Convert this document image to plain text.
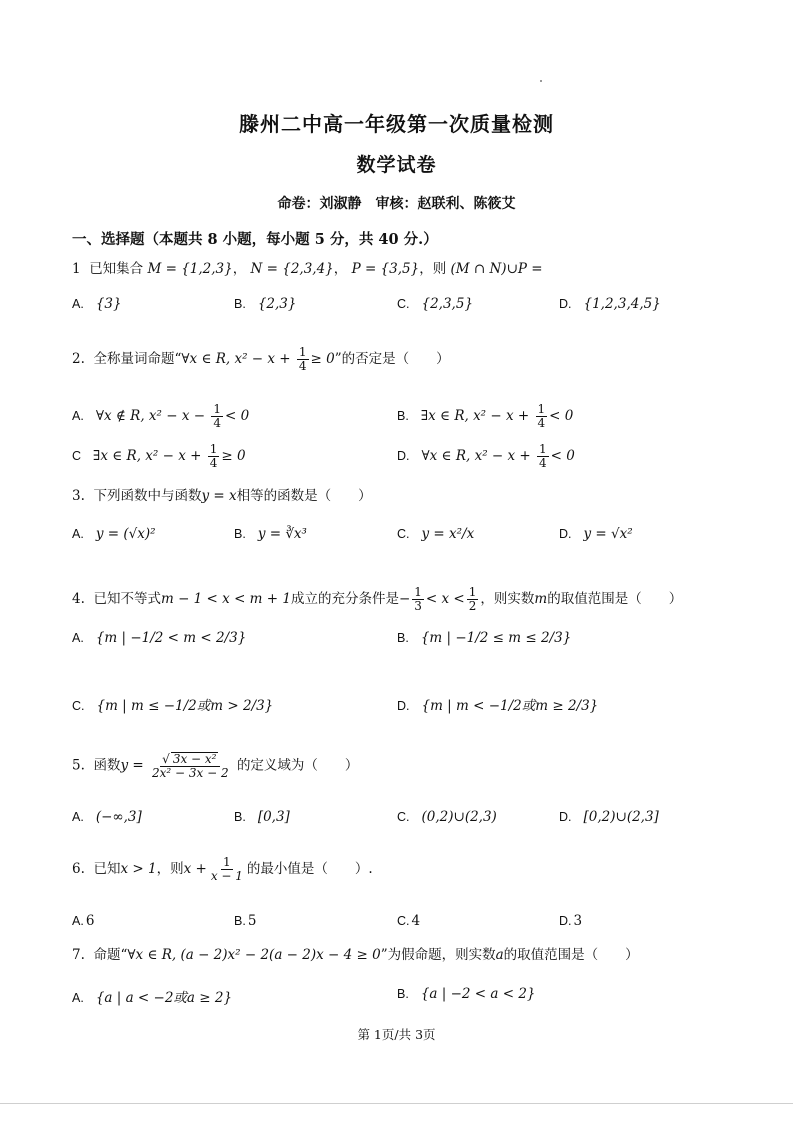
滕州二中高一年级第一次质量检测
数学试卷
命卷：刘淑静　审核：赵联利、陈筱艾
一、选择题（本题共 8 小题，每小题 5 分，共 40 分.）
1 已知集合 M = {1,2,3}， N = {2,3,4}， P = {3,5}，则 (M ∩ N)∪P =
A. {3}	B. {2,3}	C. {2,3,5}	D. {1,2,3,4,5}
2. 全称量词命题“∀x ∈ R, $x^2 - x + \frac{1}{4} \ge 0$”的否定是（　　）
A. ∀x ∉ R, $x^2 - x - \frac{1}{4} < 0$	B. ∃x ∈ R, $x^2 - x + \frac{1}{4} < 0$
C ∃x ∈ R, $x^2 - x + \frac{1}{4} \ge 0$	D. ∀x ∈ R, $x^2 - x + \frac{1}{4} < 0$
3. 下列函数中与函数y = x相等的函数是（　　）
A. y = (√x)²	B. y = ∛x³	C. y = x²/x	D. y = √x²
4. 已知不等式m − 1 < x < m + 1成立的充分条件是− $\frac{1}{3} < x < \frac{1}{2}$ ，则实数m的取值范围是（　　）
A. {m | −1/2 < m < 2/3}	B. {m | −1/2 ≤ m ≤ 2/3}
C. {m | m ≤ −1/2或m > 2/3}	D. {m | m < −1/2或m ≥ 2/3}
5. 函数$y = \frac{\text{√ 3x − x²}}{\text{2x² − 3x − 2}}$ 的定义域为（　　）
A. (−∞,3]	B. [0,3]	C. (0,2)∪(2,3)	D. [0,2)∪(2,3]
6. 已知x > 1，则$x + \frac{1}{x - 1}$ 的最小值是（　　）.
A. 6	B. 5	C. 4	D. 3
7. 命题“∀x ∈ R, (a − 2)x² − 2(a − 2)x − 4 ≥ 0”为假命题，则实数a的取值范围是（　　）
A. {a | a < −2或a ≥ 2}	B. {a | −2 < a < 2}
第 1页/共 3页
